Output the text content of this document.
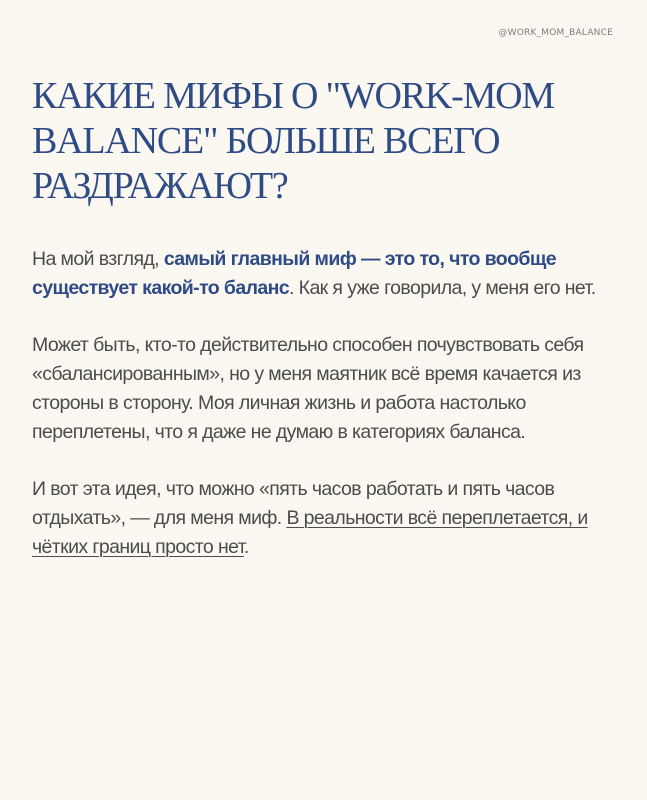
@WORK_MOM_BALANCE
КАКИЕ МИФЫ О "WORK-MOM BALANCE" БОЛЬШЕ ВСЕГО РАЗДРАЖАЮТ?

На мой взгляд, самый главный миф — это то, что вообще существует какой-то баланс. Как я уже говорила, у меня его нет.

Может быть, кто-то действительно способен почувствовать себя «сбалансированным», но у меня маятник всё время качается из стороны в сторону. Моя личная жизнь и работа настолько переплетены, что я даже не думаю в категориях баланса.

И вот эта идея, что можно «пять часов работать и пять часов отдыхать», — для меня миф. В реальности всё переплетается, и чётких границ просто нет.
